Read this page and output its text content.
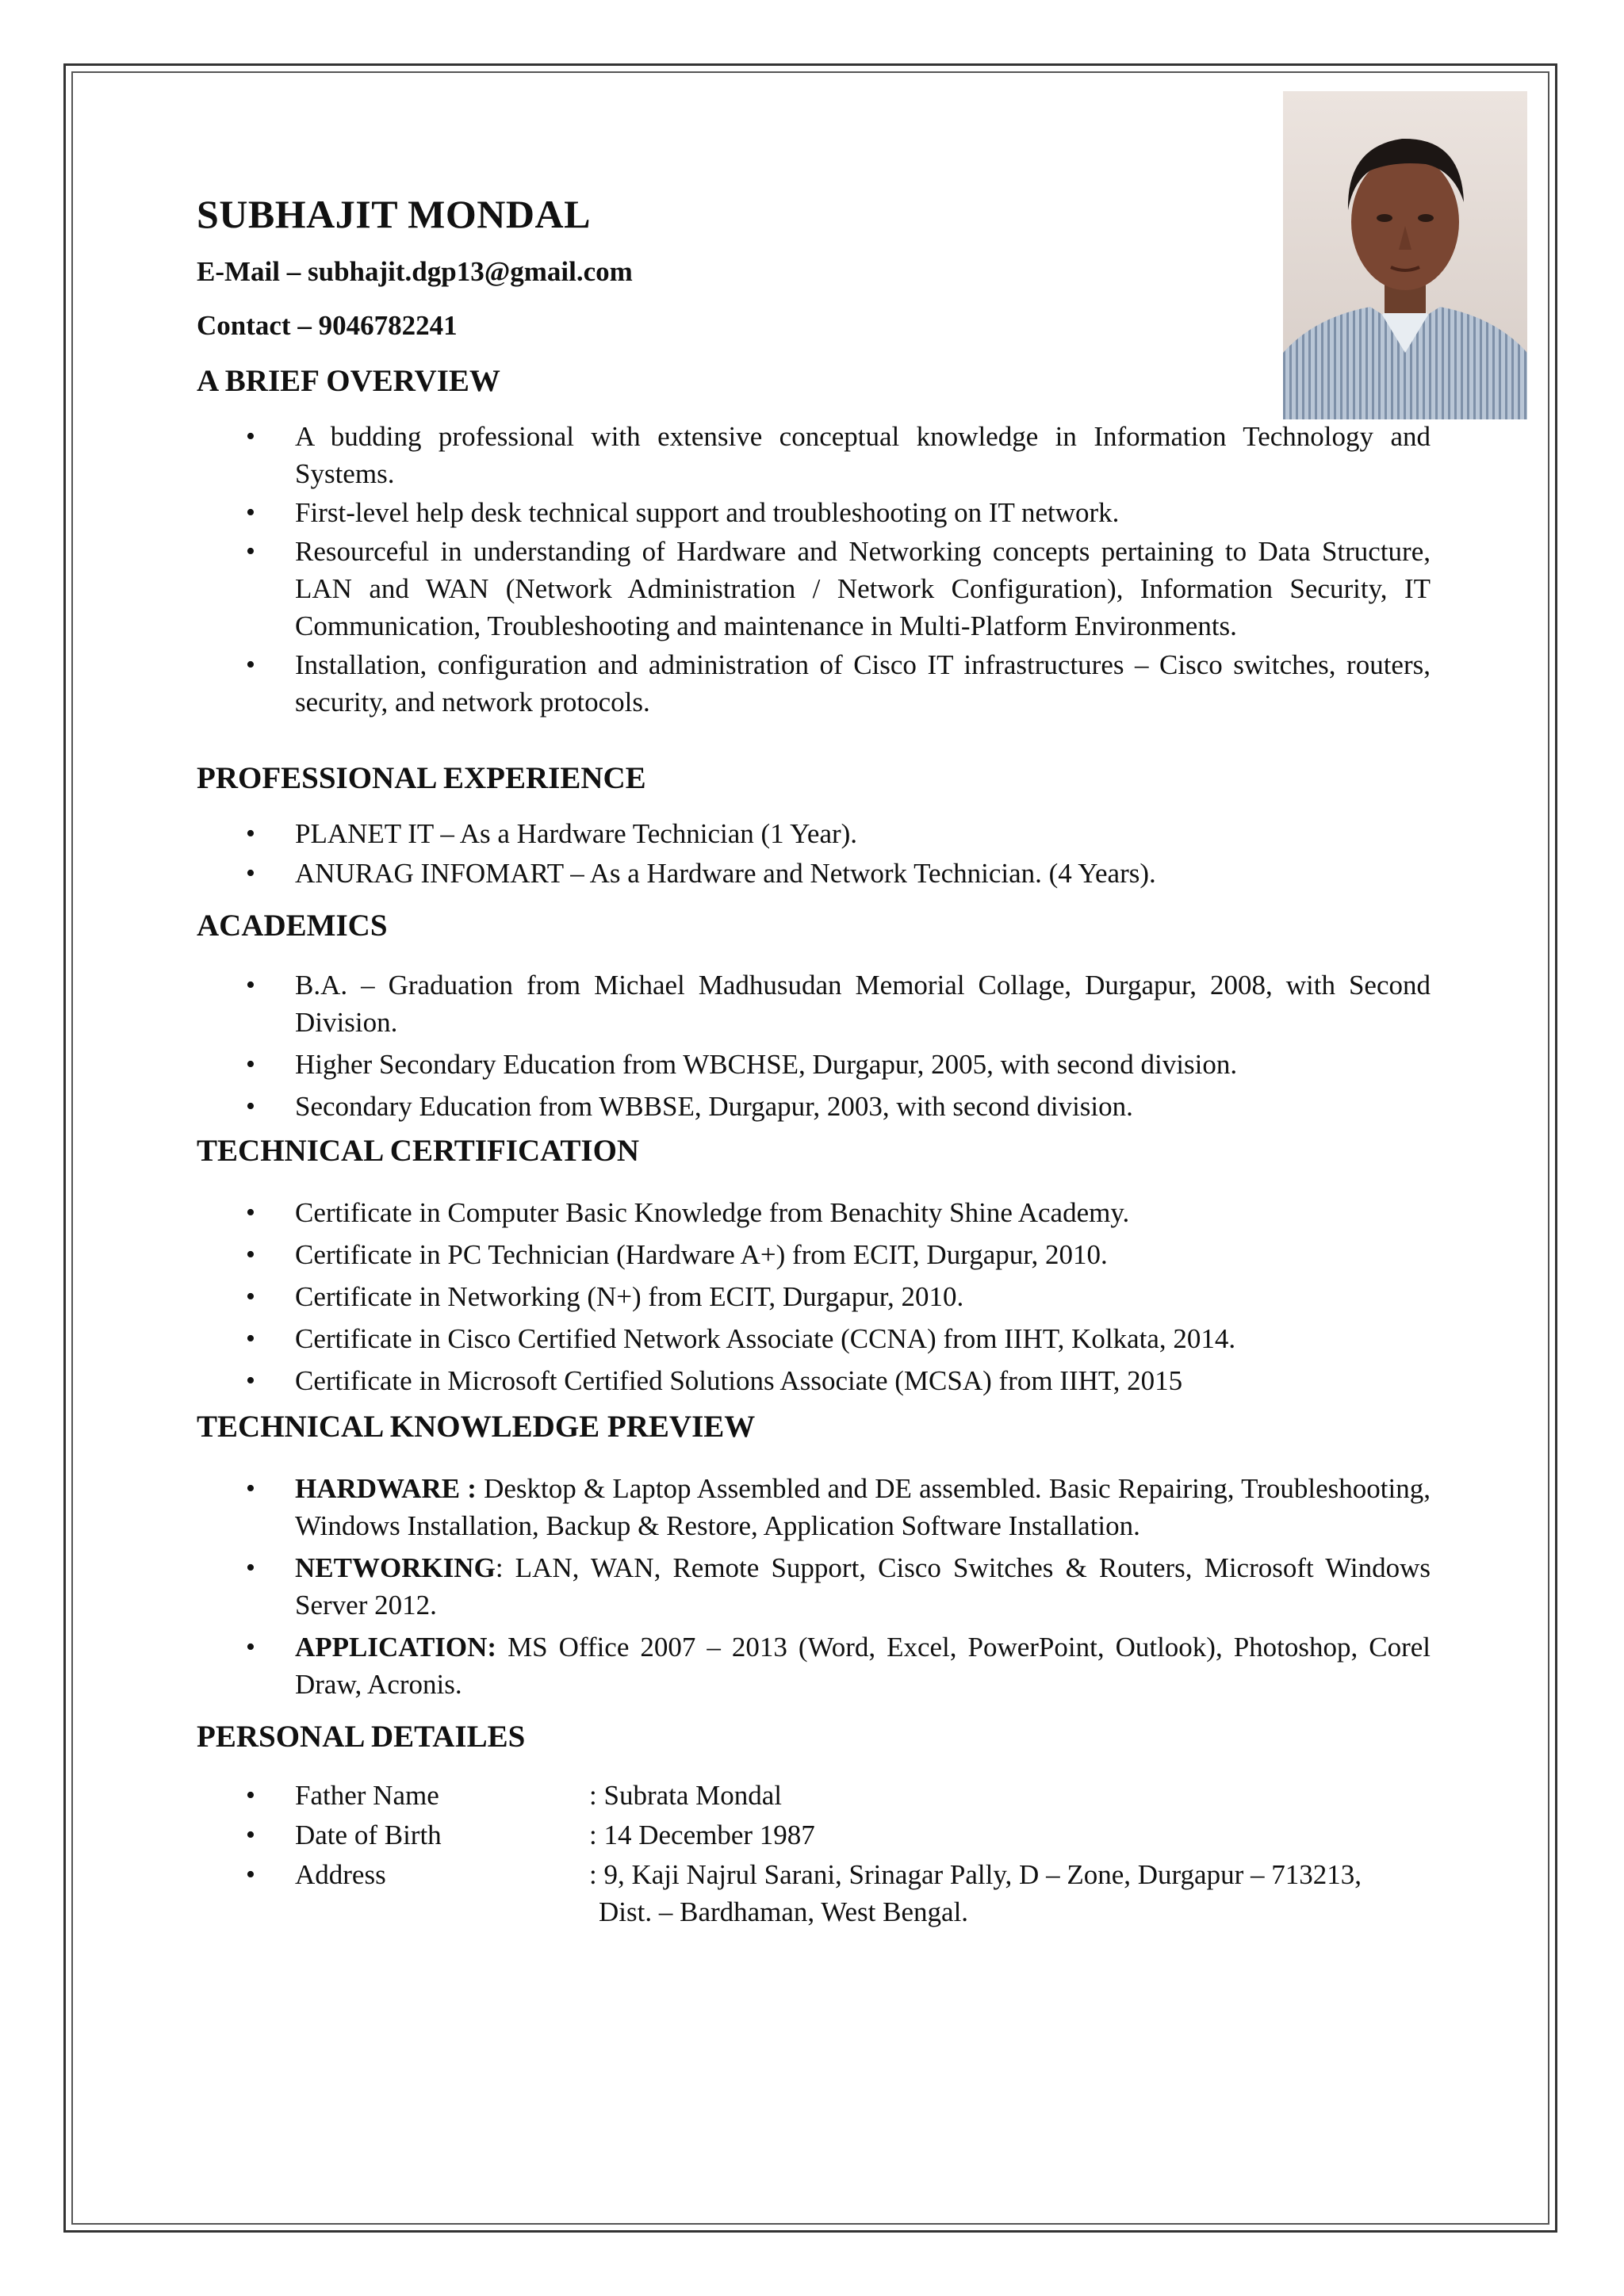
SUBHAJIT MONDAL
E-Mail – subhajit.dgp13@gmail.com
Contact – 9046782241
A BRIEF OVERVIEW
• A budding professional with extensive conceptual knowledge in Information Technology and Systems.
• First-level help desk technical support and troubleshooting on IT network.
• Resourceful in understanding of Hardware and Networking concepts pertaining to Data Structure, LAN and WAN (Network Administration / Network Configuration), Information Security, IT Communication, Troubleshooting and maintenance in Multi-Platform Environments.
• Installation, configuration and administration of Cisco IT infrastructures – Cisco switches, routers, security, and network protocols.
PROFESSIONAL EXPERIENCE
• PLANET IT – As a Hardware Technician (1 Year).
• ANURAG INFOMART – As a Hardware and Network Technician. (4 Years).
ACADEMICS
• B.A. – Graduation from Michael Madhusudan Memorial Collage, Durgapur, 2008, with Second Division.
• Higher Secondary Education from WBCHSE, Durgapur, 2005, with second division.
• Secondary Education from WBBSE, Durgapur, 2003, with second division.
TECHNICAL CERTIFICATION
• Certificate in Computer Basic Knowledge from Benachity Shine Academy.
• Certificate in PC Technician (Hardware A+) from ECIT, Durgapur, 2010.
• Certificate in Networking (N+) from ECIT, Durgapur, 2010.
• Certificate in Cisco Certified Network Associate (CCNA) from IIHT, Kolkata, 2014.
• Certificate in Microsoft Certified Solutions Associate (MCSA) from IIHT, 2015
TECHNICAL KNOWLEDGE PREVIEW
• HARDWARE : Desktop & Laptop Assembled and DE assembled. Basic Repairing, Troubleshooting, Windows Installation, Backup & Restore, Application Software Installation.
• NETWORKING: LAN, WAN, Remote Support, Cisco Switches & Routers, Microsoft Windows Server 2012.
• APPLICATION: MS Office 2007 – 2013 (Word, Excel, PowerPoint, Outlook), Photoshop, Corel Draw, Acronis.
PERSONAL DETAILES
• Father Name	: Subrata Mondal
• Date of Birth	: 14 December 1987
• Address	: 9, Kaji Najrul Sarani, Srinagar Pally, D – Zone, Durgapur – 713213,
Dist. – Bardhaman, West Bengal.
